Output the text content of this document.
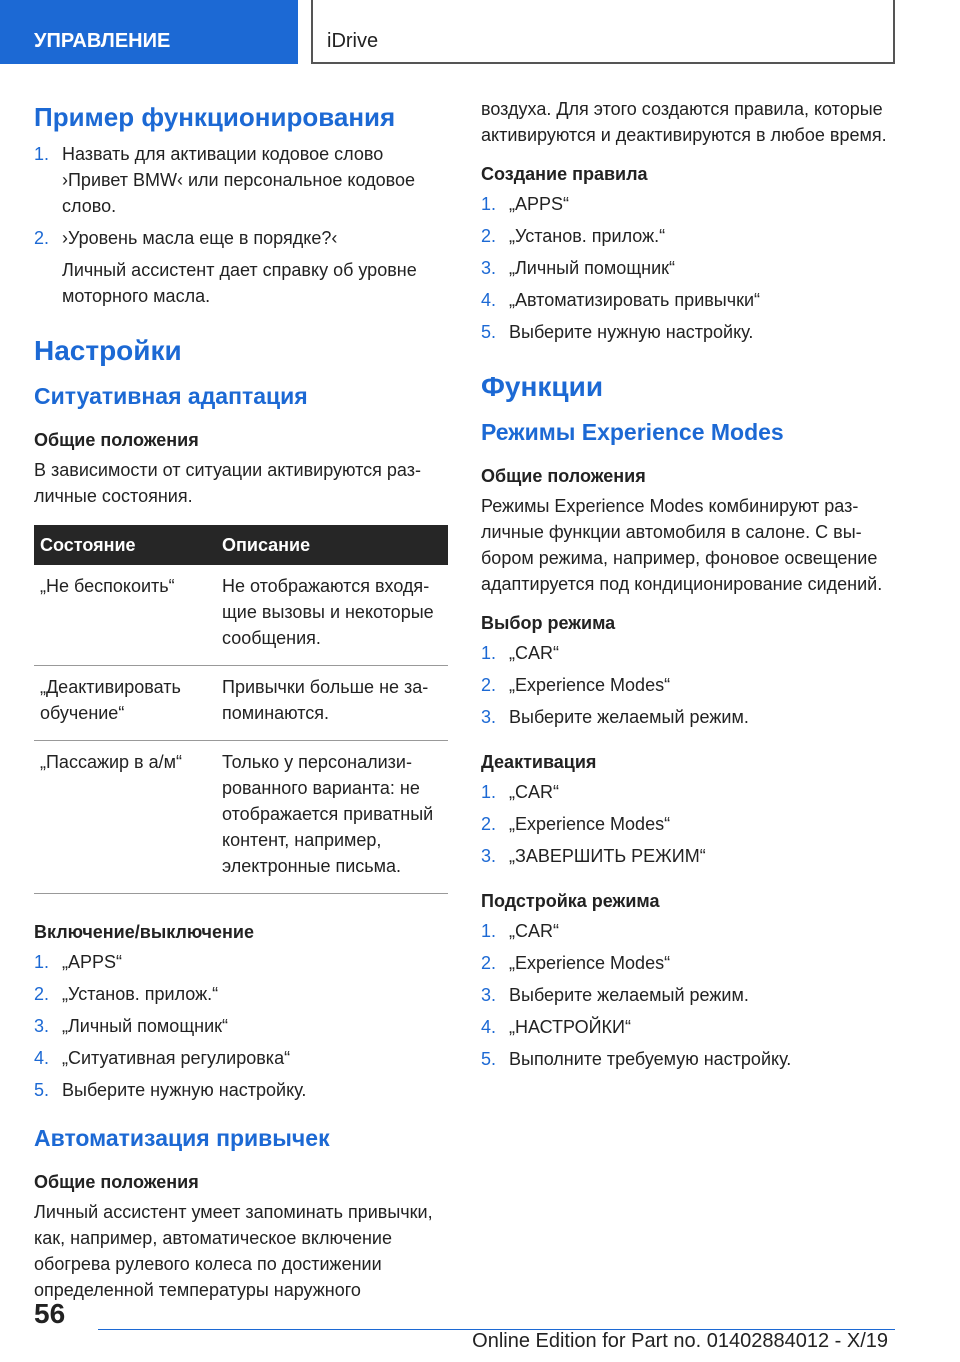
УПРАВЛЕНИЕ	iDrive
Пример функционирования
1. Назвать для активации кодовое слово ›Привет BMW‹ или персональное кодовое слово.
2. ›Уровень масла еще в порядке?‹
Личный ассистент дает справку об уровне моторного масла.
Настройки
Ситуативная адаптация
Общие положения
В зависимости от ситуации активируются различные состояния.
Состояние	Описание
„Не беспокоить“	Не отображаются входящие вызовы и некоторые сообщения.
„Деактивировать обучение“	Привычки больше не запоминаются.
„Пассажир в а/м“	Только у персонализированного варианта: не отображается приватный контент, например, электронные письма.
Включение/выключение
1. „APPS“
2. „Установ. прилож.“
3. „Личный помощник“
4. „Ситуативная регулировка“
5. Выберите нужную настройку.
Автоматизация привычек
Общие положения
Личный ассистент умеет запоминать привычки, как, например, автоматическое включение обогрева рулевого колеса по достижении определенной температуры наружного
воздуха. Для этого создаются правила, которые активируются и деактивируются в любое время.
Создание правила
1. „APPS“
2. „Установ. прилож.“
3. „Личный помощник“
4. „Автоматизировать привычки“
5. Выберите нужную настройку.
Функции
Режимы Experience Modes
Общие положения
Режимы Experience Modes комбинируют различные функции автомобиля в салоне. С выбором режима, например, фоновое освещение адаптируется под кондиционирование сидений.
Выбор режима
1. „CAR“
2. „Experience Modes“
3. Выберите желаемый режим.
Деактивация
1. „CAR“
2. „Experience Modes“
3. „ЗАВЕРШИТЬ РЕЖИМ“
Подстройка режима
1. „CAR“
2. „Experience Modes“
3. Выберите желаемый режим.
4. „НАСТРОЙКИ“
5. Выполните требуемую настройку.
56
Online Edition for Part no. 01402884012 - X/19
